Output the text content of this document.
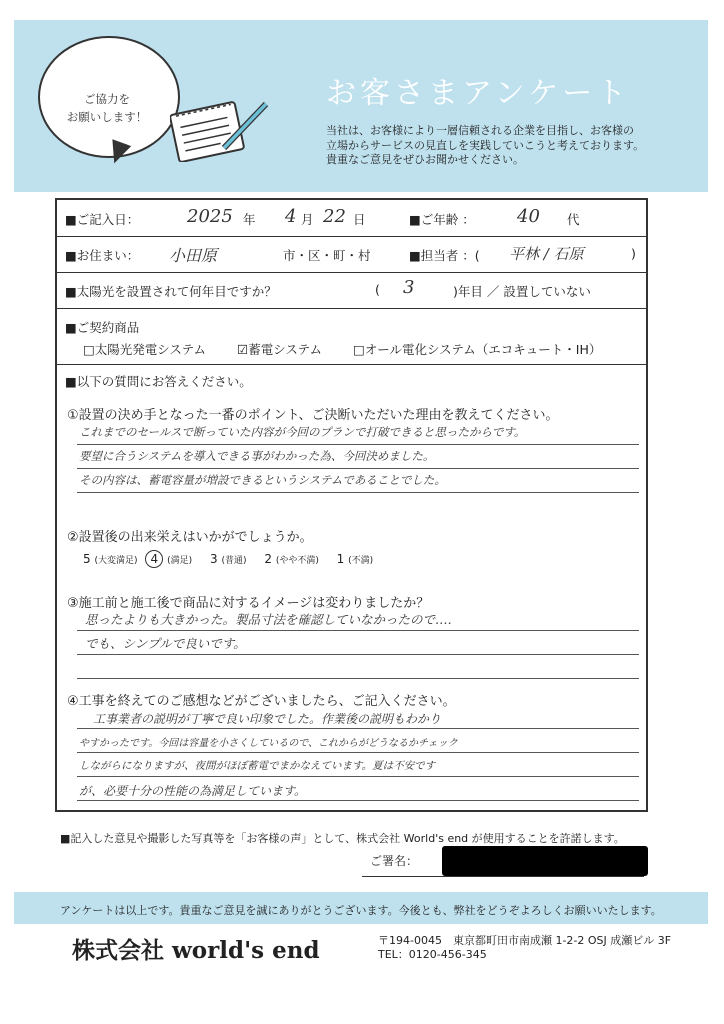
ご協力を
お願いします！
お客さまアンケート
当社は、お客様により一層信頼される企業を目指し、お客様の
立場からサービスの見直しを実践していこうと考えております。
貴重なご意見をぜひお聞かせください。
■ご記入日：	2025 年 4 月 22 日	■ご年齢 ： 40 代
■お住まい： 小田原	市・区・町・村	■担当者 ：( 平林 / 石原	)
■太陽光を設置されて何年目ですか？	( 3	)年目 ／ 設置していない
■ご契約商品
□太陽光発電システム ☑蓄電システム □オール電化システム（エコキュート・IH）
■以下の質問にお答えください。
①設置の決め手となった一番のポイント、ご決断いただいた理由を教えてください。
これまでのセールスで断っていた内容が今回のプランで打破できると思ったからです。
要望に合うシステムを導入できる事がわかった為、今回決めました。
その内容は、蓄電容量が増設できるというシステムであることでした。
②設置後の出来栄えはいかがでしょうか。
5 (大変満足) 4 (満足) 3 (普通) 2 (やや不満) 1 (不満)
③施工前と施工後で商品に対するイメージは変わりましたか？
思ったよりも大きかった。製品寸法を確認していなかったので‥‥
でも、シンプルで良いです。
④工事を終えてのご感想などがございましたら、ご記入ください。
工事業者の説明が丁寧で良い印象でした。作業後の説明もわかり
やすかったです。今回は容量を小さくしているので、これからがどうなるかチェック
しながらになりますが、夜間がほぼ蓄電でまかなえています。夏は不安です
が、必要十分の性能の為満足しています。
■記入した意見や撮影した写真等を「お客様の声」として、株式会社 World's end が使用することを許諾します。
ご署名：
アンケートは以上です。貴重なご意見を誠にありがとうございます。今後とも、弊社をどうぞよろしくお願いいたします。
株式会社 world's end	〒194-0045　東京都町田市南成瀬 1-2-2 OSJ 成瀬ビル 3F
TEL：0120-456-345
